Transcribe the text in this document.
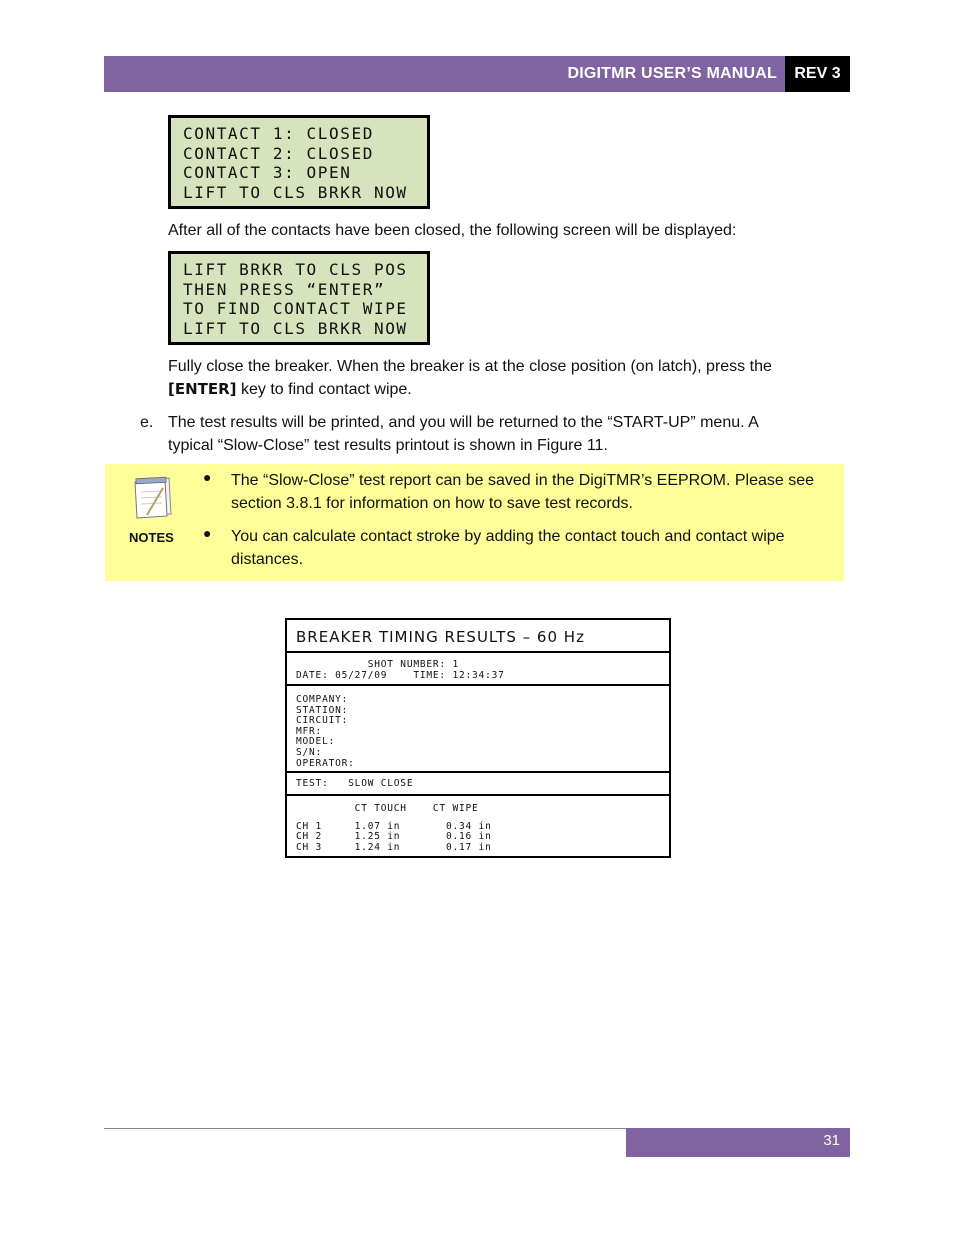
DIGITMR USER’S MANUAL	REV 3
CONTACT 1: CLOSED
CONTACT 2: CLOSED
CONTACT 3: OPEN
LIFT TO CLS BRKR NOW
After all of the contacts have been closed, the following screen will be displayed:
LIFT BRKR TO CLS POS
THEN PRESS “ENTER”
TO FIND CONTACT WIPE
LIFT TO CLS BRKR NOW
Fully close the breaker. When the breaker is at the close position (on latch), press the
[ENTER] key to find contact wipe.
e. The test results will be printed, and you will be returned to the “START-UP” menu. A
typical “Slow-Close” test results printout is shown in Figure 11.
NOTES
● The “Slow-Close” test report can be saved in the DigiTMR’s EEPROM. Please see section 3.8.1 for information on how to save test records.
● You can calculate contact stroke by adding the contact touch and contact wipe distances.
BREAKER TIMING RESULTS – 60 Hz
SHOT NUMBER: 1
DATE: 05/27/09    TIME: 12:34:37
COMPANY:
STATION:
CIRCUIT:
MFR:
MODEL:
S/N:
OPERATOR:
TEST:   SLOW CLOSE
CT TOUCH    CT WIPE
CH 1     1.07 in       0.34 in
CH 2     1.25 in       0.16 in
CH 3     1.24 in       0.17 in
31
